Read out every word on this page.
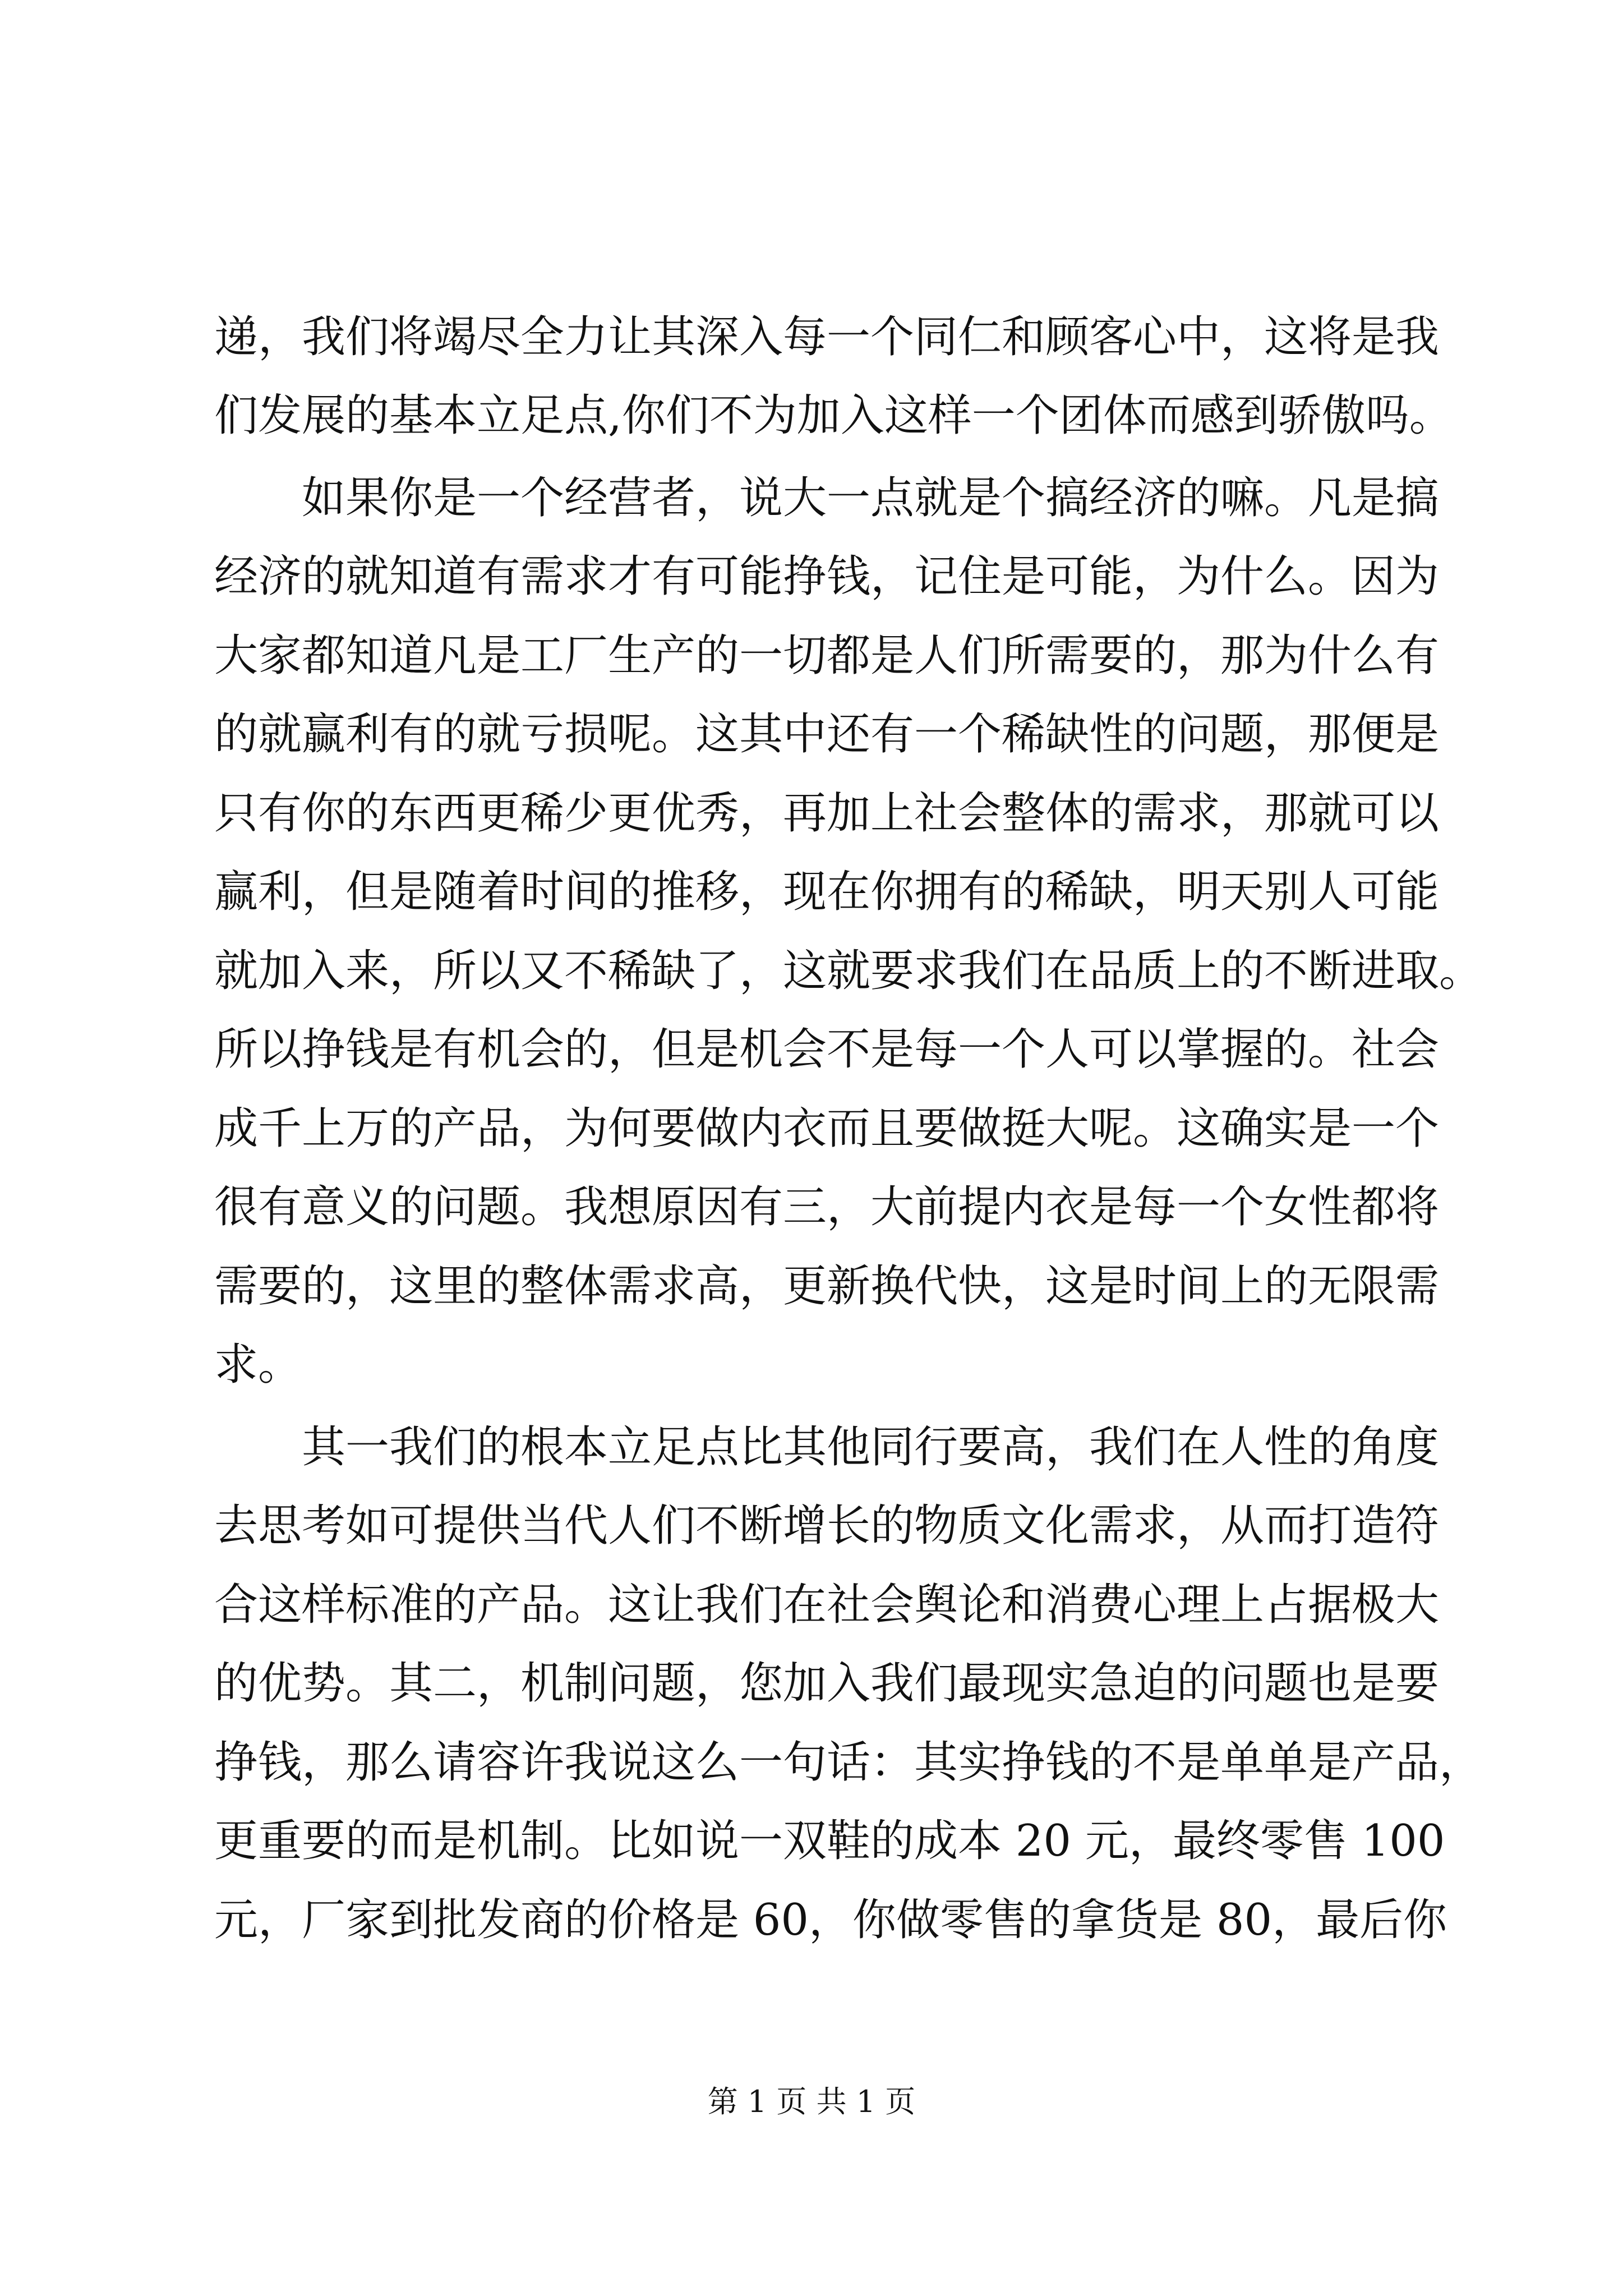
递，我们将竭尽全力让其深入每一个同仁和顾客心中，这将是我
们发展的基本立足点,你们不为加入这样一个团体而感到骄傲吗。
如果你是一个经营者，说大一点就是个搞经济的嘛。凡是搞
经济的就知道有需求才有可能挣钱，记住是可能，为什么。因为
大家都知道凡是工厂生产的一切都是人们所需要的，那为什么有
的就赢利有的就亏损呢。这其中还有一个稀缺性的问题，那便是
只有你的东西更稀少更优秀，再加上社会整体的需求，那就可以
赢利，但是随着时间的推移，现在你拥有的稀缺，明天别人可能
就加入来，所以又不稀缺了，这就要求我们在品质上的不断进取。
所以挣钱是有机会的，但是机会不是每一个人可以掌握的。社会
成千上万的产品，为何要做内衣而且要做挺大呢。这确实是一个
很有意义的问题。我想原因有三，大前提内衣是每一个女性都将
需要的，这里的整体需求高，更新换代快，这是时间上的无限需
求。
其一我们的根本立足点比其他同行要高，我们在人性的角度
去思考如可提供当代人们不断增长的物质文化需求，从而打造符
合这样标准的产品。这让我们在社会舆论和消费心理上占据极大
的优势。其二，机制问题，您加入我们最现实急迫的问题也是要
挣钱，那么请容许我说这么一句话：其实挣钱的不是单单是产品，
更重要的而是机制。比如说一双鞋的成本 20 元，最终零售 100
元，厂家到批发商的价格是 60，你做零售的拿货是 80，最后你
第 1 页 共 1 页
